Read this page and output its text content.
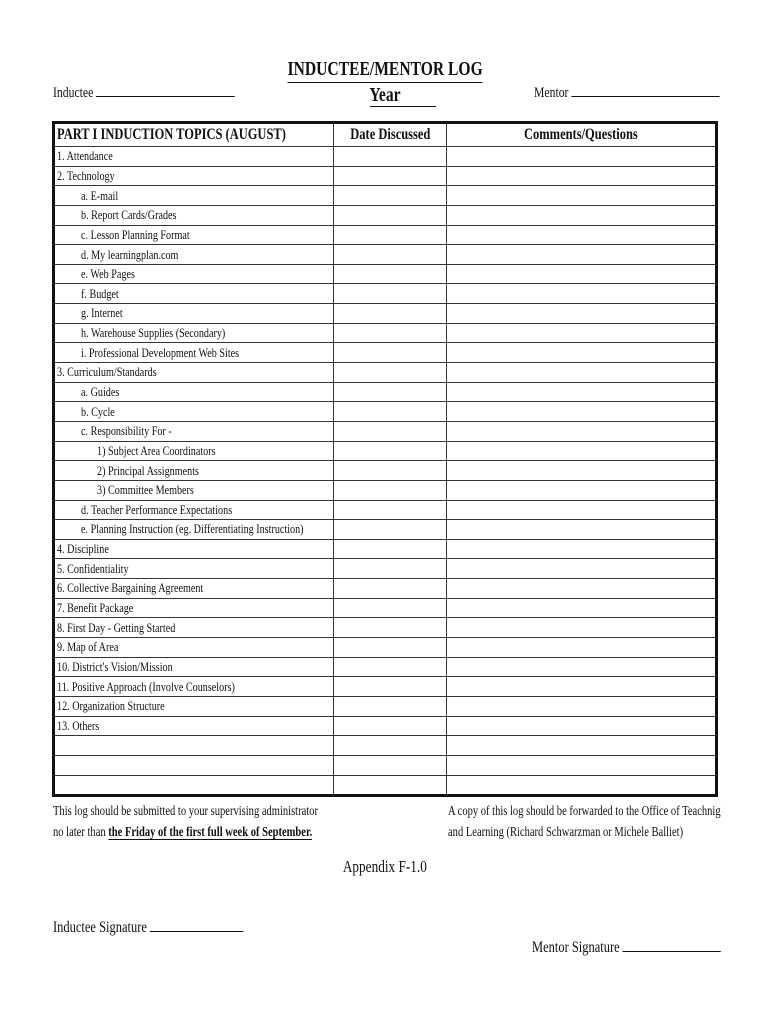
INDUCTEE/MENTOR LOG
Year
Inductee	Mentor
PART I INDUCTION TOPICS (AUGUST)	Date Discussed	Comments/Questions
1. Attendance		
2. Technology		
a. E-mail		
b. Report Cards/Grades		
c. Lesson Planning Format		
d. My learningplan.com		
e. Web Pages		
f. Budget		
g. Internet		
h. Warehouse Supplies (Secondary)		
i. Professional Development Web Sites		
3. Curriculum/Standards		
a. Guides		
b. Cycle		
c. Responsibility For -		
1) Subject Area Coordinators		
2) Principal Assignments		
3) Committee Members		
d. Teacher Performance Expectations		
e. Planning Instruction (eg. Differentiating Instruction)		
4. Discipline		
5. Confidentiality		
6. Collective Bargaining Agreement		
7. Benefit Package		
8. First Day - Getting Started		
9. Map of Area		
10. District's Vision/Mission		
11. Positive Approach (Involve Counselors)		
12. Organization Structure		
13. Others		

This log should be submitted to your supervising administrator
no later than the Friday of the first full week of September.
A copy of this log should be forwarded to the Office of Teachnig
and Learning (Richard Schwarzman or Michele Balliet)
Appendix F-1.0
Inductee Signature
Mentor Signature
